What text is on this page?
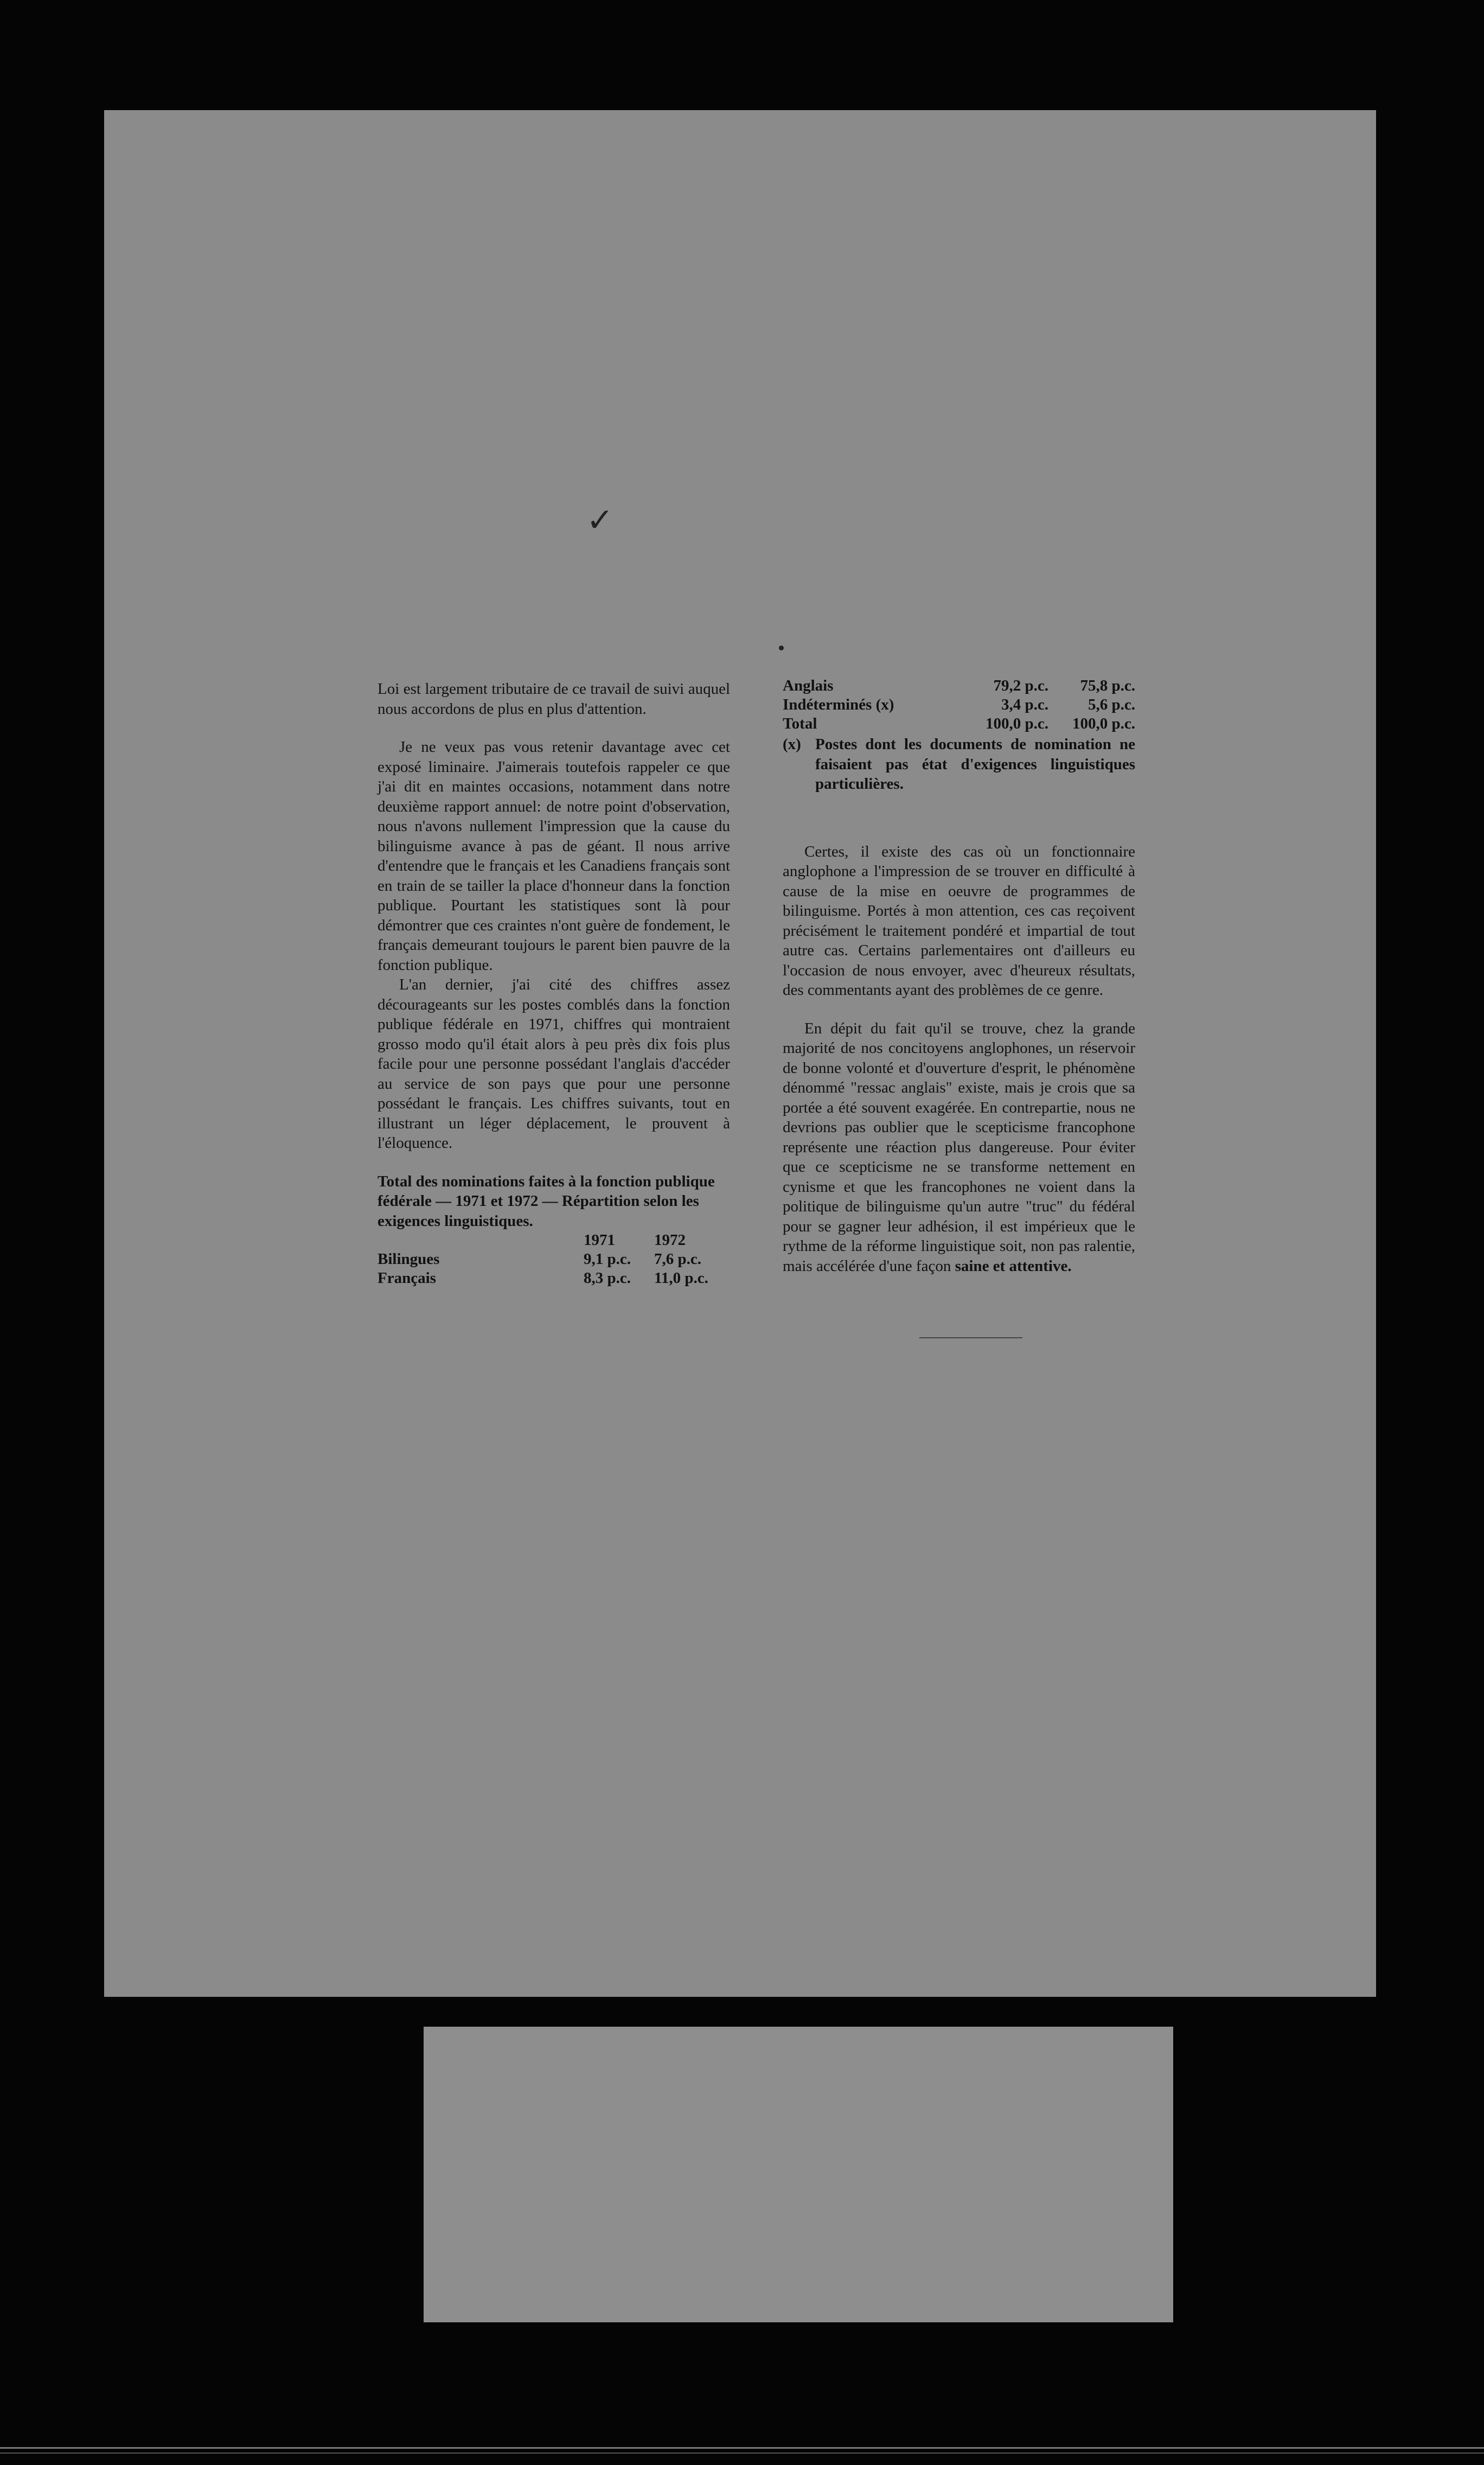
✓

Loi est largement tributaire de ce travail de suivi auquel nous accordons de plus en plus d'attention.

Je ne veux pas vous retenir davantage avec cet exposé liminaire. J'aimerais toutefois rappeler ce que j'ai dit en maintes occasions, notamment dans notre deuxième rapport annuel: de notre point d'observation, nous n'avons nullement l'impression que la cause du bilinguisme avance à pas de géant. Il nous arrive d'entendre que le français et les Canadiens français sont en train de se tailler la place d'honneur dans la fonction publique. Pourtant les statistiques sont là pour démontrer que ces craintes n'ont guère de fondement, le français demeurant toujours le parent bien pauvre de la fonction publique.

L'an dernier, j'ai cité des chiffres assez décourageants sur les postes comblés dans la fonction publique fédérale en 1971, chiffres qui montraient grosso modo qu'il était alors à peu près dix fois plus facile pour une personne possédant l'anglais d'accéder au service de son pays que pour une personne possédant le français. Les chiffres suivants, tout en illustrant un léger déplacement, le prouvent à l'éloquence.

Total des nominations faites à la fonction publique fédérale — 1971 et 1972 — Répartition selon les exigences linguistiques.

	1971	1972
Bilingues	9,1 p.c.	7,6 p.c.
Français	8,3 p.c.	11,0 p.c.
Anglais	79,2 p.c.	75,8 p.c.
Indéterminés (x)	3,4 p.c.	5,6 p.c.
Total	100,0 p.c.	100,0 p.c.
(x) Postes dont les documents de nomination ne faisaient pas état d'exigences linguistiques particulières.

Certes, il existe des cas où un fonctionnaire anglophone a l'impression de se trouver en difficulté à cause de la mise en oeuvre de programmes de bilinguisme. Portés à mon attention, ces cas reçoivent précisément le traitement pondéré et impartial de tout autre cas. Certains parlementaires ont d'ailleurs eu l'occasion de nous envoyer, avec d'heureux résultats, des commentants ayant des problèmes de ce genre.

En dépit du fait qu'il se trouve, chez la grande majorité de nos concitoyens anglophones, un réservoir de bonne volonté et d'ouverture d'esprit, le phénomène dénommé "ressac anglais" existe, mais je crois que sa portée a été souvent exagérée. En contrepartie, nous ne devrions pas oublier que le scepticisme francophone représente une réaction plus dangereuse. Pour éviter que ce scepticisme ne se transforme nettement en cynisme et que les francophones ne voient dans la politique de bilinguisme qu'un autre "truc" du fédéral pour se gagner leur adhésion, il est impérieux que le rythme de la réforme linguistique soit, non pas ralentie, mais accélérée d'une façon saine et attentive.
